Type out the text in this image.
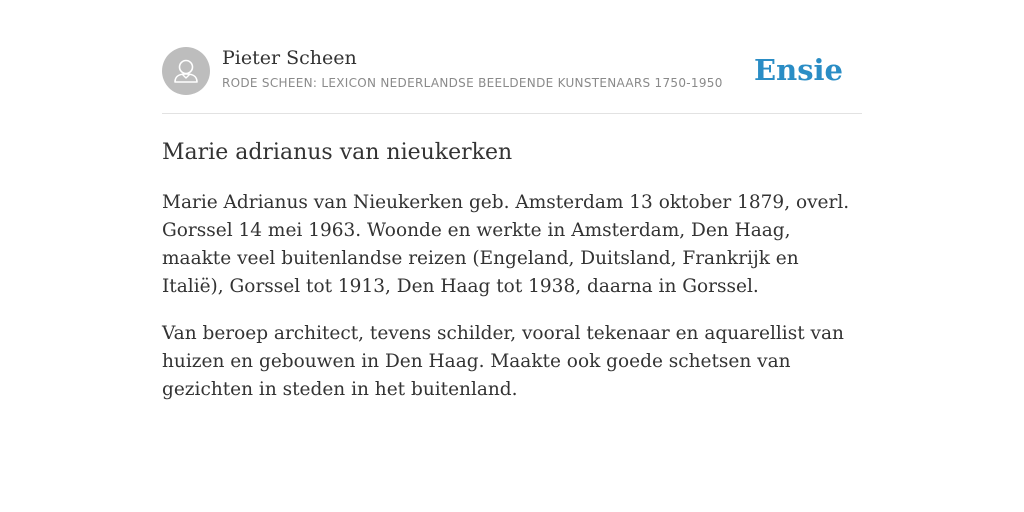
Pieter Scheen
RODE SCHEEN: LEXICON NEDERLANDSE BEELDENDE KUNSTENAARS 1750-1950 Ensie
Marie adrianus van nieukerken

Marie Adrianus van Nieukerken geb. Amsterdam 13 oktober 1879, overl. Gorssel 14 mei 1963. Woonde en werkte in Amsterdam, Den Haag, maakte veel buitenlandse reizen (Engeland, Duitsland, Frankrijk en Italië), Gorssel tot 1913, Den Haag tot 1938, daarna in Gorssel.

Van beroep architect, tevens schilder, vooral tekenaar en aquarellist van huizen en gebouwen in Den Haag. Maakte ook goede schetsen van gezichten in steden in het buitenland.
